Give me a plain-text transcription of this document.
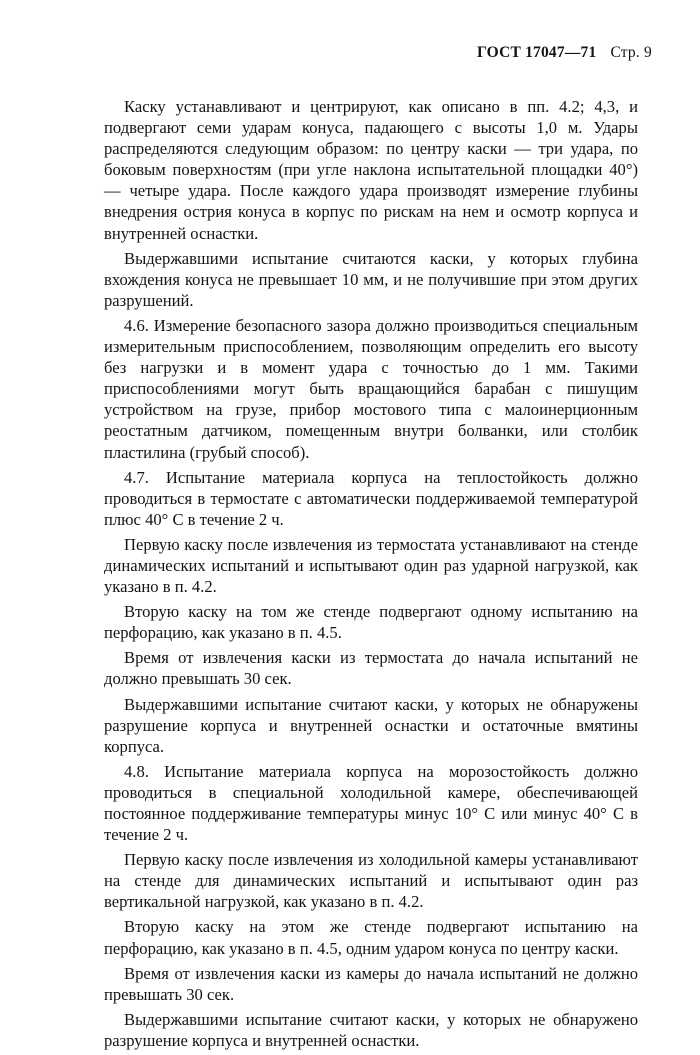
ГОСТ 17047—71 Стр. 9

Каску устанавливают и центрируют, как описано в пп. 4.2; 4,3, и подвергают семи ударам конуса, падающего с высоты 1,0 м. Удары распределяются следующим образом: по центру каски — три удара, по боковым поверхностям (при угле наклона испытательной площадки 40°) — четыре удара. После каждого удара производят измерение глубины внедрения острия конуса в корпус по рискам на нем и осмотр корпуса и внутренней оснастки.

Выдержавшими испытание считаются каски, у которых глубина вхождения конуса не превышает 10 мм, и не получившие при этом других разрушений.

4.6. Измерение безопасного зазора должно производиться специальным измерительным приспособлением, позволяющим определить его высоту без нагрузки и в момент удара с точностью до 1 мм. Такими приспособлениями могут быть вращающийся барабан с пишущим устройством на грузе, прибор мостового типа с малоинерционным реостатным датчиком, помещенным внутри болванки, или столбик пластилина (грубый способ).

4.7. Испытание материала корпуса на теплостойкость должно проводиться в термостате с автоматически поддерживаемой температурой плюс 40° С в течение 2 ч.

Первую каску после извлечения из термостата устанавливают на стенде динамических испытаний и испытывают один раз ударной нагрузкой, как указано в п. 4.2.

Вторую каску на том же стенде подвергают одному испытанию на перфорацию, как указано в п. 4.5.

Время от извлечения каски из термостата до начала испытаний не должно превышать 30 сек.

Выдержавшими испытание считают каски, у которых не обнаружены разрушение корпуса и внутренней оснастки и остаточные вмятины корпуса.

4.8. Испытание материала корпуса на морозостойкость должно проводиться в специальной холодильной камере, обеспечивающей постоянное поддерживание температуры минус 10° С или минус 40° С в течение 2 ч.

Первую каску после извлечения из холодильной камеры устанавливают на стенде для динамических испытаний и испытывают один раз вертикальной нагрузкой, как указано в п. 4.2.

Вторую каску на этом же стенде подвергают испытанию на перфорацию, как указано в п. 4.5, одним ударом конуса по центру каски.

Время от извлечения каски из камеры до начала испытаний не должно превышать 30 сек.

Выдержавшими испытание считают каски, у которых не обнаружено разрушение корпуса и внутренней оснастки.
